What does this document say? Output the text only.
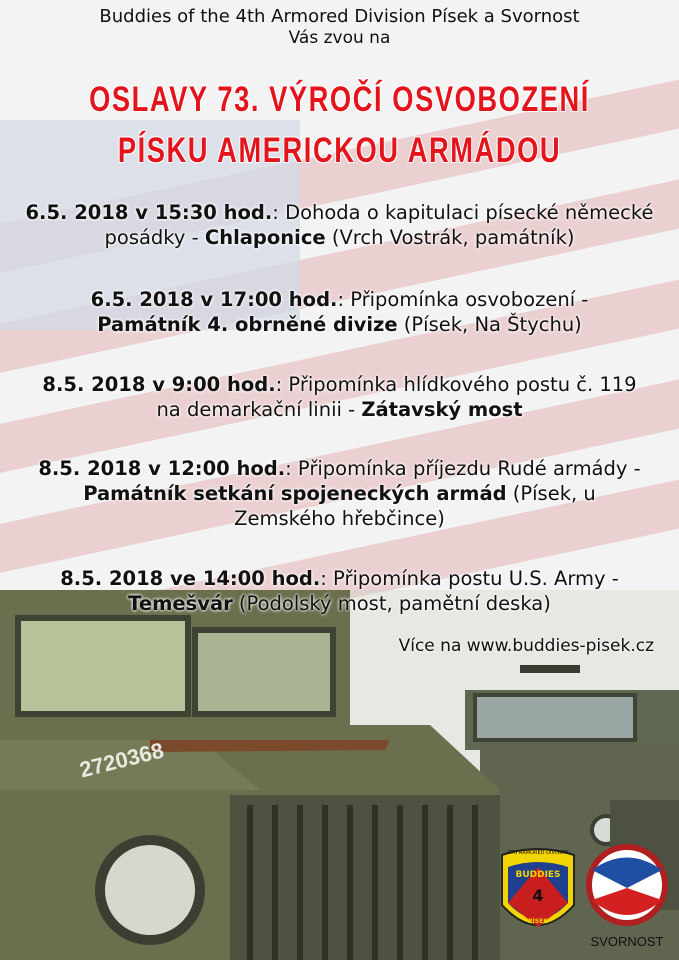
2720368
Buddies of the 4th Armored Division Písek a Svornost
Vás zvou na
OSLAVY 73. VÝROČÍ OSVOBOZENÍ
PÍSKU AMERICKOU ARMÁDOU
6.5. 2018 v 15:30 hod.: Dohoda o kapitulaci písecké německé posádky - Chlaponice (Vrch Vostrák, památník)
6.5. 2018 v 17:00 hod.: Připomínka osvobození - Památník 4. obrněné divize (Písek, Na Štychu)
8.5. 2018 v 9:00 hod.: Připomínka hlídkového postu č. 119 na demarkační linii - Zátavský most
8.5. 2018 v 12:00 hod.: Připomínka příjezdu Rudé armády - Památník setkání spojeneckých armád (Písek, u Zemského hřebčince)
8.5. 2018 ve 14:00 hod.: Připomínka postu U.S. Army - Temešvár (Podolský most, pamětní deska)
Více na www.buddies-pisek.cz
4TH ARMORED DIVISION
BUDDIES
4
PÍSEK
SVORNOST
